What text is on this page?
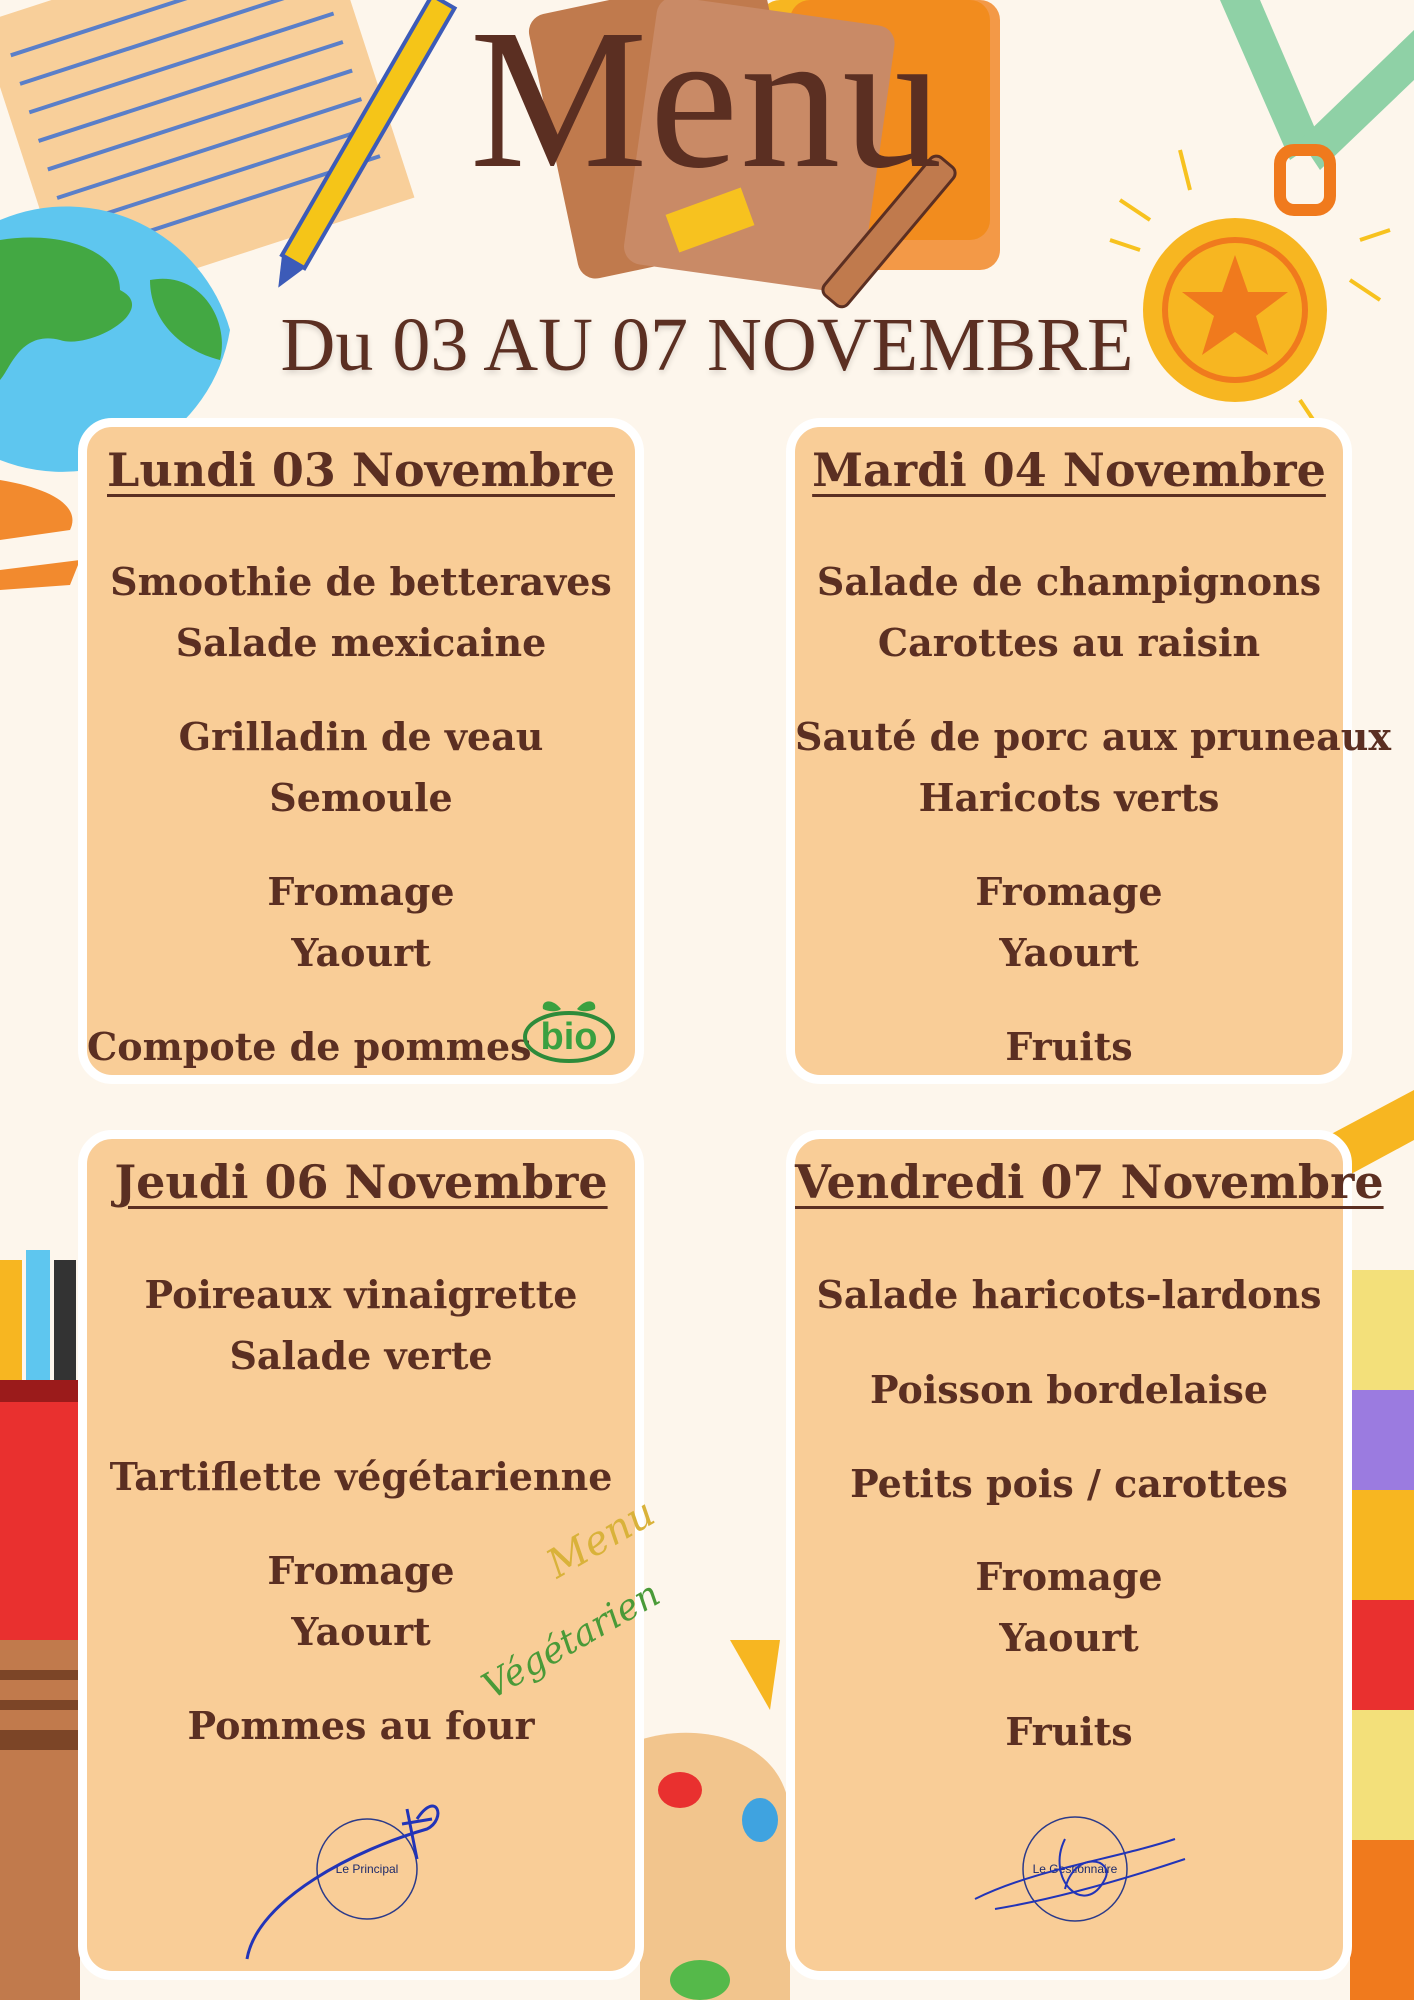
Menu
Du 03 AU 07 NOVEMBRE
Lundi 03 Novembre
Smoothie de betteraves
Salade mexicaine
Grilladin de veau
Semoule
Fromage
Yaourt
Compote de pommes bio
Mardi 04 Novembre
Salade de champignons
Carottes au raisin
Sauté de porc aux pruneaux
Haricots verts
Fromage
Yaourt
Fruits
Jeudi 06 Novembre
Poireaux vinaigrette
Salade verte
Tartiflette végétarienne
Fromage
Yaourt
Pommes au four
Menu
Végétarien
Le Principal
Vendredi 07 Novembre
Salade haricots-lardons
Poisson bordelaise
Petits pois / carottes
Fromage
Yaourt
Fruits
Le Gestionnaire
